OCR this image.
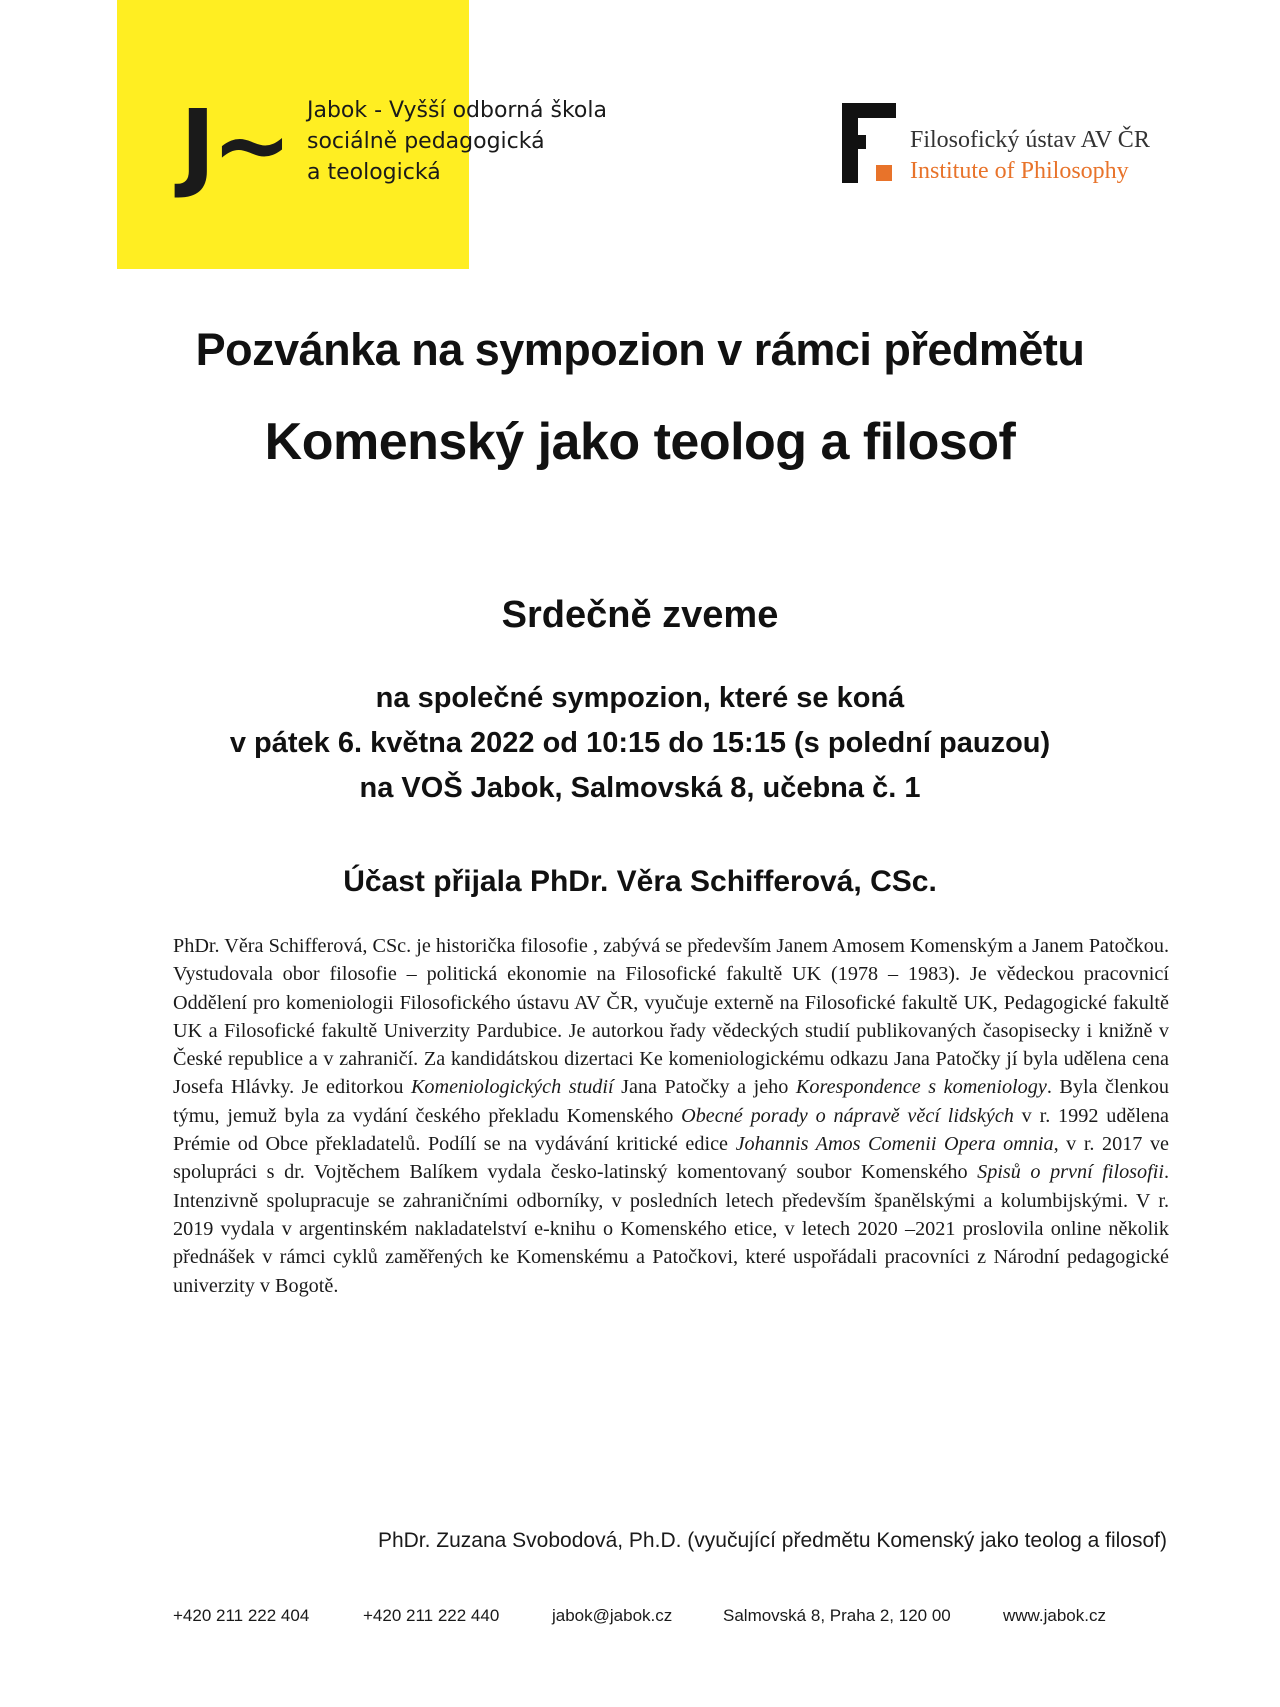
J~ Jabok - Vyšší odborná škola
sociálně pedagogická
a teologická
Filosofický ústav AV ČR
Institute of Philosophy
Pozvánka na sympozion v rámci předmětu
Komenský jako teolog a filosof
Srdečně zveme
na společné sympozion, které se koná
v pátek 6. května 2022 od 10:15 do 15:15 (s polední pauzou)
na VOŠ Jabok, Salmovská 8, učebna č. 1
Účast přijala PhDr. Věra Schifferová, CSc.
PhDr. Věra Schifferová, CSc. je historička filosofie , zabývá se především Janem Amosem Komenským a Janem Patočkou. Vystudovala obor filosofie – politická ekonomie na Filosofické fakultě UK (1978 – 1983). Je vědeckou pracovnicí Oddělení pro komeniologii Filosofického ústavu AV ČR, vyučuje externě na Filosofické fakultě UK, Pedagogické fakultě UK a Filosofické fakultě Univerzity Pardubice. Je autorkou řady vědeckých studií publikovaných časopisecky i knižně v České republice a v zahraničí. Za kandidátskou dizertaci Ke komeniologickému odkazu Jana Patočky jí byla udělena cena Josefa Hlávky. Je editorkou Komeniologických studií Jana Patočky a jeho Korespondence s komeniology. Byla členkou týmu, jemuž byla za vydání českého překladu Komenského Obecné porady o nápravě věcí lidských v r. 1992 udělena Prémie od Obce překladatelů. Podílí se na vydávání kritické edice Johannis Amos Comenii Opera omnia, v r. 2017 ve spolupráci s dr. Vojtěchem Balíkem vydala česko-latinský komentovaný soubor Komenského Spisů o první filosofii. Intenzivně spolupracuje se zahraničními odborníky, v posledních letech především španělskými a kolumbijskými. V r. 2019 vydala v argentinském nakladatelství e-knihu o Komenského etice, v letech 2020 –2021 proslovila online několik přednášek v rámci cyklů zaměřených ke Komenskému a Patočkovi, které uspořádali pracovníci z Národní pedagogické univerzity v Bogotě.
PhDr. Zuzana Svobodová, Ph.D. (vyučující předmětu Komenský jako teolog a filosof)
+420 211 222 404	+420 211 222 440	jabok@jabok.cz	Salmovská 8, Praha 2, 120 00	www.jabok.cz
